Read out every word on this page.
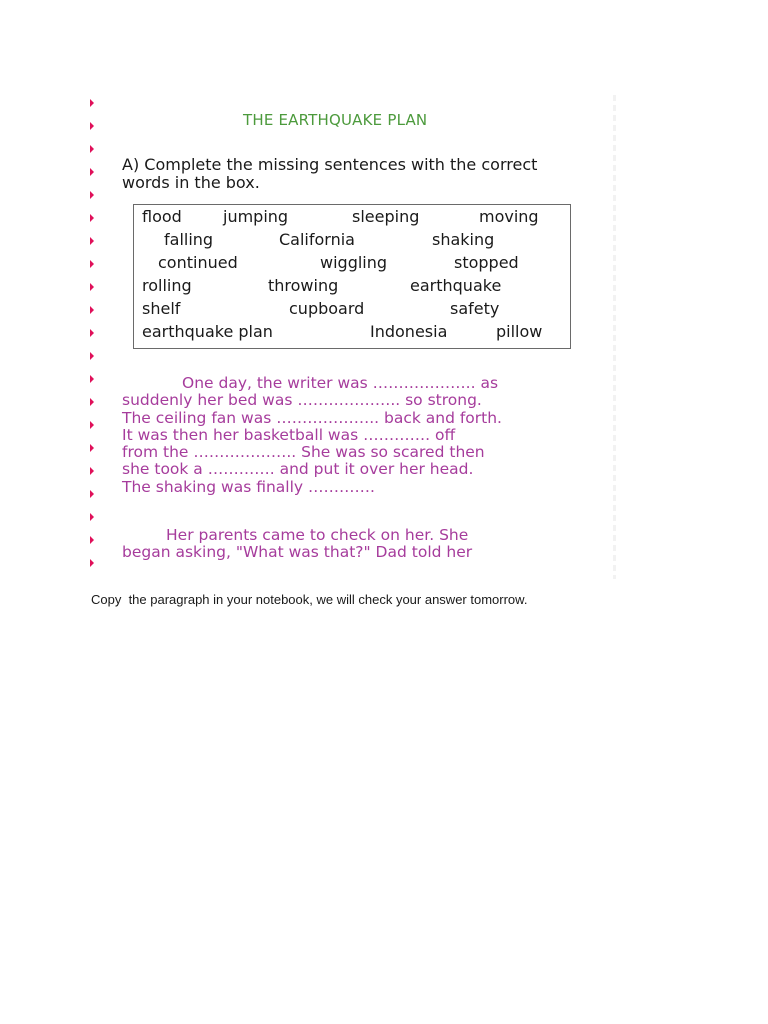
THE EARTHQUAKE PLAN
A) Complete the missing sentences with the correct words in the box.
flood	jumping	sleeping	moving
falling	California	shaking
continued	wiggling	stopped
rolling	throwing	earthquake
shelf	cupboard	safety
earthquake plan	Indonesia	pillow
One day, the writer was ……………….. as
suddenly her bed was ……………….. so strong.
The ceiling fan was ……………….. back and forth.
It was then her basketball was …………. off
from the ……………….. She was so scared then
she took a …………. and put it over her head.
The shaking was finally ………….
Her parents came to check on her. She
began asking, "What was that?" Dad told her
Copy  the paragraph in your notebook, we will check your answer tomorrow.
